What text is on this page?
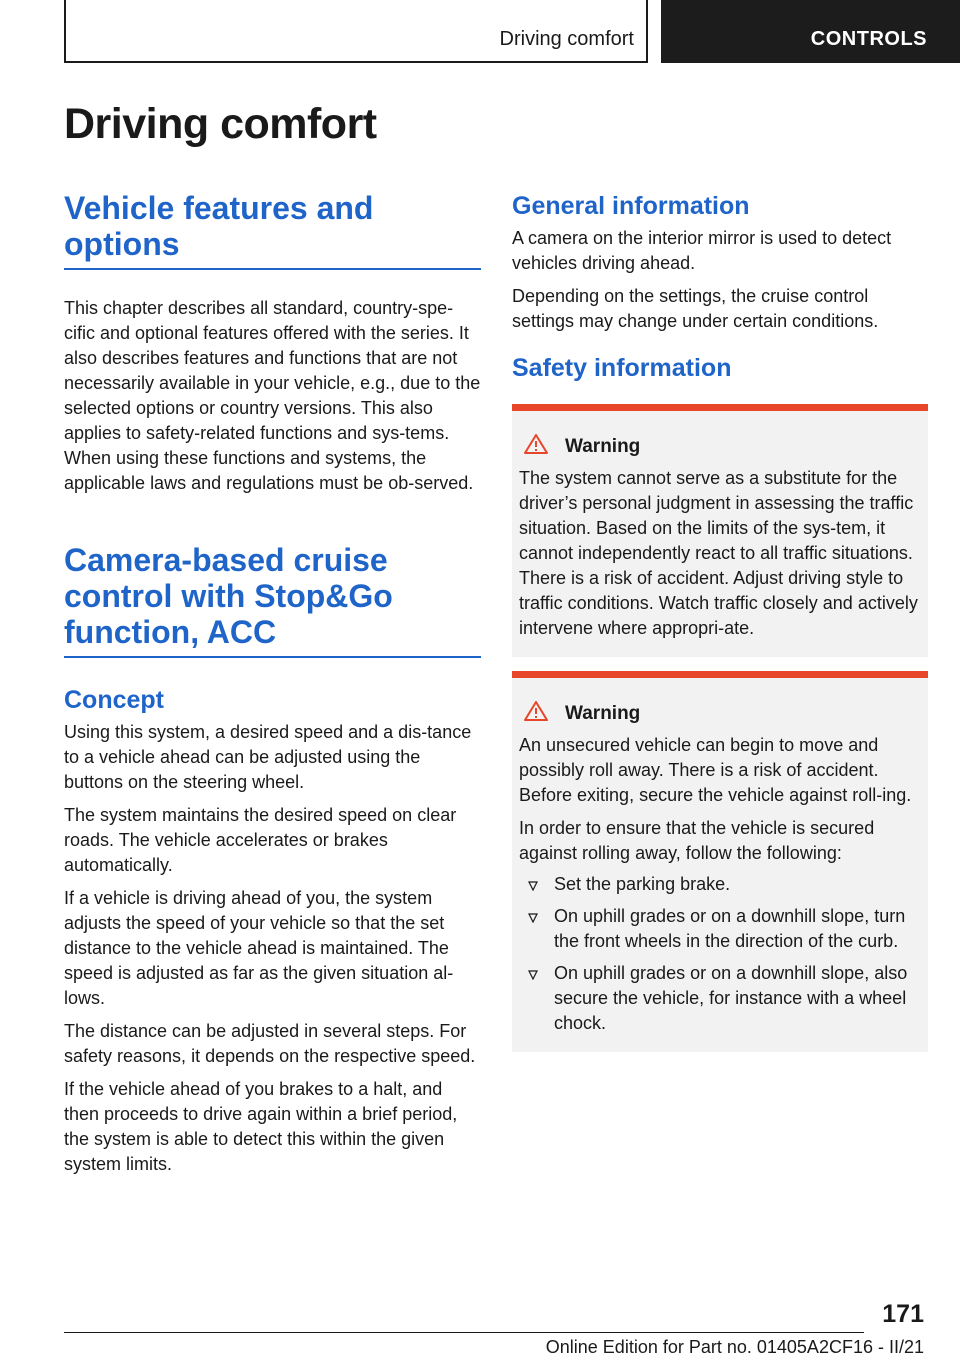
Driving comfort	CONTROLS
Driving comfort
Vehicle features and options

This chapter describes all standard, country-spe-cific and optional features offered with the series. It also describes features and functions that are not necessarily available in your vehicle, e.g., due to the selected options or country versions. This also applies to safety-related functions and sys-tems. When using these functions and systems, the applicable laws and regulations must be ob-served.

Camera-based cruise control with Stop&Go function, ACC
Concept

Using this system, a desired speed and a dis-tance to a vehicle ahead can be adjusted using the buttons on the steering wheel.

The system maintains the desired speed on clear roads. The vehicle accelerates or brakes automatically.

If a vehicle is driving ahead of you, the system adjusts the speed of your vehicle so that the set distance to the vehicle ahead is maintained. The speed is adjusted as far as the given situation al-lows.

The distance can be adjusted in several steps. For safety reasons, it depends on the respective speed.

If the vehicle ahead of you brakes to a halt, and then proceeds to drive again within a brief period, the system is able to detect this within the given system limits.

General information

A camera on the interior mirror is used to detect vehicles driving ahead.

Depending on the settings, the cruise control settings may change under certain conditions.

Safety information
Warning

The system cannot serve as a substitute for the driver’s personal judgment in assessing the traffic situation. Based on the limits of the sys-tem, it cannot independently react to all traffic situations. There is a risk of accident. Adjust driving style to traffic conditions. Watch traffic closely and actively intervene where appropri-ate.

Warning

An unsecured vehicle can begin to move and possibly roll away. There is a risk of accident. Before exiting, secure the vehicle against roll-ing.

In order to ensure that the vehicle is secured against rolling away, follow the following:

Set the parking brake.
On uphill grades or on a downhill slope, turn the front wheels in the direction of the curb.
On uphill grades or on a downhill slope, also secure the vehicle, for instance with a wheel chock.
171
Online Edition for Part no. 01405A2CF16 - II/21
